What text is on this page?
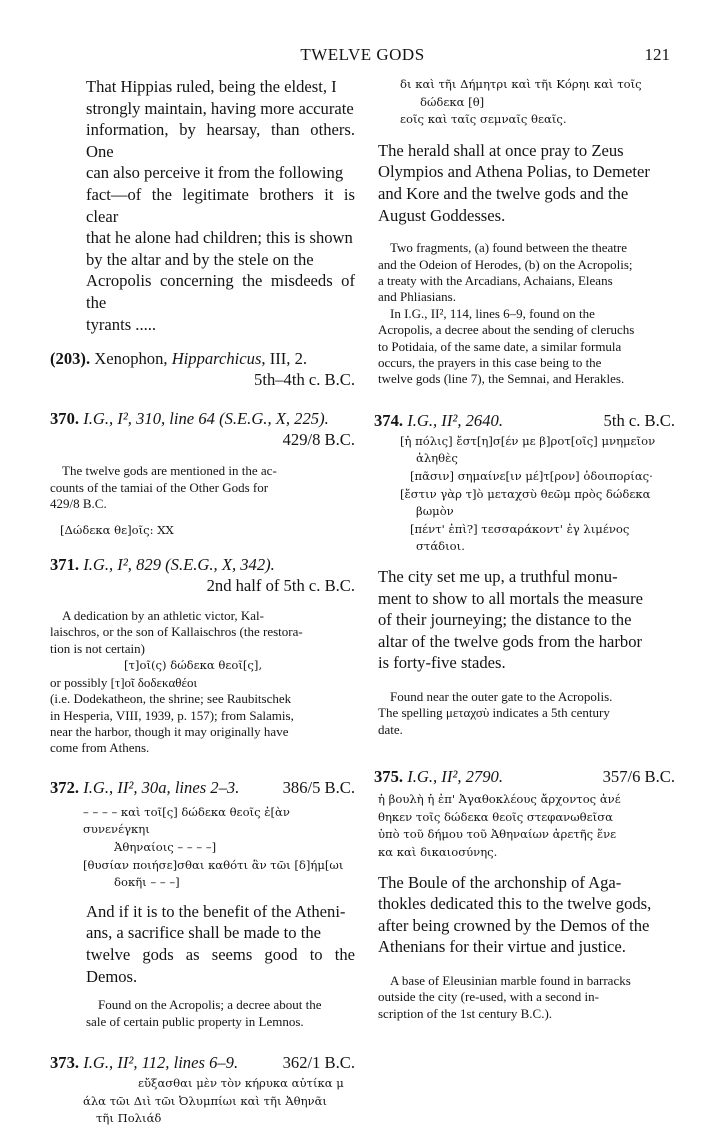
TWELVE GODS	121
That Hippias ruled, being the eldest, I
strongly maintain, having more accurate
information, by hearsay, than others. One
can also perceive it from the following
fact—of the legitimate brothers it is clear
that he alone had children; this is shown
by the altar and by the stele on the
Acropolis concerning the misdeeds of the
tyrants .....

(203). Xenophon, Hipparchicus, III, 2.

5th–4th c. B.C.

370. I.G., I², 310, line 64 (S.E.G., X, 225).

429/8 B.C.

The twelve gods are mentioned in the ac-
counts of the tamiai of the Other Gods for
429/8 B.C.

[Δώδεκα θε]οῖς: XX

371. I.G., I², 829 (S.E.G., X, 342).

2nd half of 5th c. B.C.

A dedication by an athletic victor, Kal-
laischros, or the son of Kallaischros (the restora-
tion is not certain)

[τ]οῖ(ς) δώδεκα θεοῖ[ς],

or possibly [τ]οῖ δοδεκαθέοι
(i.e. Dodekatheon, the shrine; see Raubitschek
in Hesperia, VIII, 1939, p. 157); from Salamis,
near the harbor, though it may originally have
come from Athens.

372. I.G., II², 30a, lines 2–3.	386/5 B.C.

– – – – καὶ τοῖ[ς] δώδεκα θεοῖς ἐ[ὰν συνενέγκηι
Ἀθηναίοις – – – –]
[θυσίαν ποιήσε]σθαι καθότι ἂν τῶι [δ]ήμ[ωι
δοκῆι – – –]
And if it is to the benefit of the Atheni-
ans, a sacrifice shall be made to the
twelve gods as seems good to the Demos.
Found on the Acropolis; a decree about the
sale of certain public property in Lemnos.

373. I.G., II², 112, lines 6–9.	362/1 B.C.

εὔξασθαι μὲν τὸν κήρυκα αὐτίκα μ
άλα τῶι Διὶ τῶι Ὀλυμπίωι καὶ τῆι Ἀθηνᾶι
τῆι Πολιάδ
δι καὶ τῆι Δήμητρι καὶ τῆι Κόρηι καὶ τοῖς
δώδεκα [θ]
εοῖς καὶ ταῖς σεμναῖς θεαῖς.
The herald shall at once pray to Zeus
Olympios and Athena Polias, to Demeter
and Kore and the twelve gods and the
August Goddesses.
Two fragments, (a) found between the theatre
and the Odeion of Herodes, (b) on the Acropolis;
a treaty with the Arcadians, Achaians, Eleans
and Phliasians.
In I.G., II², 114, lines 6–9, found on the
Acropolis, a decree about the sending of cleruchs
to Potidaia, of the same date, a similar formula
occurs, the prayers in this case being to the
twelve gods (line 7), the Semnai, and Herakles.

374. I.G., II², 2640.	5th c. B.C.

[ἡ πόλις] ἔστ[η]σ[έν με β]ροτ[οῖς] μνημεῖον
ἀληθὲς
[πᾶσιν] σημαίνε[ιν μέ]τ[ρον] ὁδοιπορίας·
[ἔστιν γὰρ τ]ὸ μεταχσὺ θεῶμ πρὸς δώδεκα
βωμὸν
[πέντ' ἐπὶ?] τεσσαράκοντ' ἐγ λιμένος
στάδιοι.
The city set me up, a truthful monu-
ment to show to all mortals the measure
of their journeying; the distance to the
altar of the twelve gods from the harbor
is forty-five stades.
Found near the outer gate to the Acropolis.
The spelling μεταχσὺ indicates a 5th century
date.

375. I.G., II², 2790.	357/6 B.C.

ἡ βουλὴ ἡ ἐπ' Ἀγαθοκλέους ἄρχοντος ἀνέ
θηκεν τοῖς δώδεκα θεοῖς στεφανωθεῖσα
ὑπὸ τοῦ δήμου τοῦ Ἀθηναίων ἀρετῆς ἕνε
κα καὶ δικαιοσύνης.
The Boule of the archonship of Aga-
thokles dedicated this to the twelve gods,
after being crowned by the Demos of the
Athenians for their virtue and justice.
A base of Eleusinian marble found in barracks
outside the city (re-used, with a second in-
scription of the 1st century B.C.).
